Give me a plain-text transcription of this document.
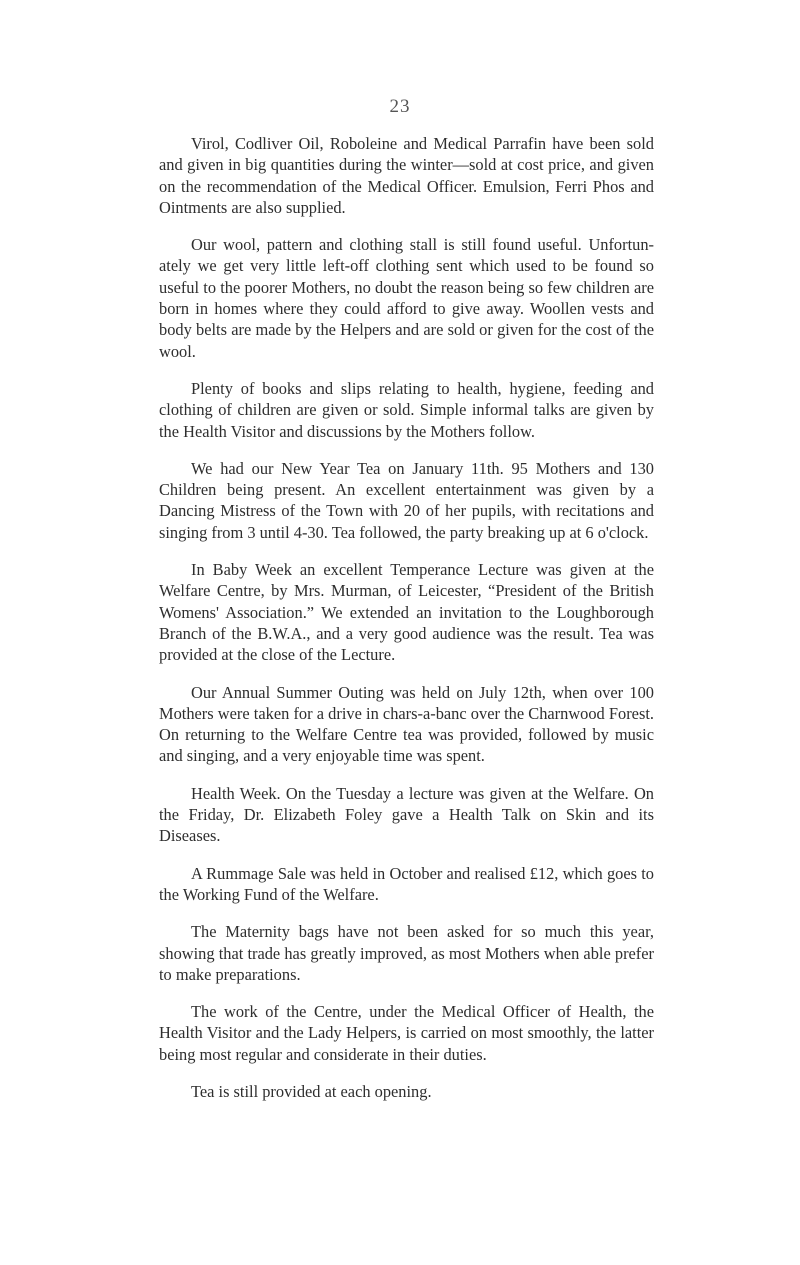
23

Virol, Codliver Oil, Roboleine and Medical Parrafin have been sold and given in big quantities during the winter—sold at cost price, and given on the recommendation of the Medical Officer. Emulsion, Ferri Phos and Ointments are also supplied.

Our wool, pattern and clothing stall is still found useful. Unfortun-ately we get very little left-off clothing sent which used to be found so useful to the poorer Mothers, no doubt the reason being so few children are born in homes where they could afford to give away. Woollen vests and body belts are made by the Helpers and are sold or given for the cost of the wool.

Plenty of books and slips relating to health, hygiene, feeding and clothing of children are given or sold. Simple informal talks are given by the Health Visitor and discussions by the Mothers follow.

We had our New Year Tea on January 11th. 95 Mothers and 130 Children being present. An excellent entertainment was given by a Dancing Mistress of the Town with 20 of her pupils, with recitations and singing from 3 until 4-30. Tea followed, the party breaking up at 6 o'clock.

In Baby Week an excellent Temperance Lecture was given at the Welfare Centre, by Mrs. Murman, of Leicester, “President of the British Womens' Association.” We extended an invitation to the Loughborough Branch of the B.W.A., and a very good audience was the result. Tea was provided at the close of the Lecture.

Our Annual Summer Outing was held on July 12th, when over 100 Mothers were taken for a drive in chars-a-banc over the Charnwood Forest. On returning to the Welfare Centre tea was provided, followed by music and singing, and a very enjoyable time was spent.

Health Week. On the Tuesday a lecture was given at the Welfare. On the Friday, Dr. Elizabeth Foley gave a Health Talk on Skin and its Diseases.

A Rummage Sale was held in October and realised £12, which goes to the Working Fund of the Welfare.

The Maternity bags have not been asked for so much this year, showing that trade has greatly improved, as most Mothers when able prefer to make preparations.

The work of the Centre, under the Medical Officer of Health, the Health Visitor and the Lady Helpers, is carried on most smoothly, the latter being most regular and considerate in their duties.

Tea is still provided at each opening.
